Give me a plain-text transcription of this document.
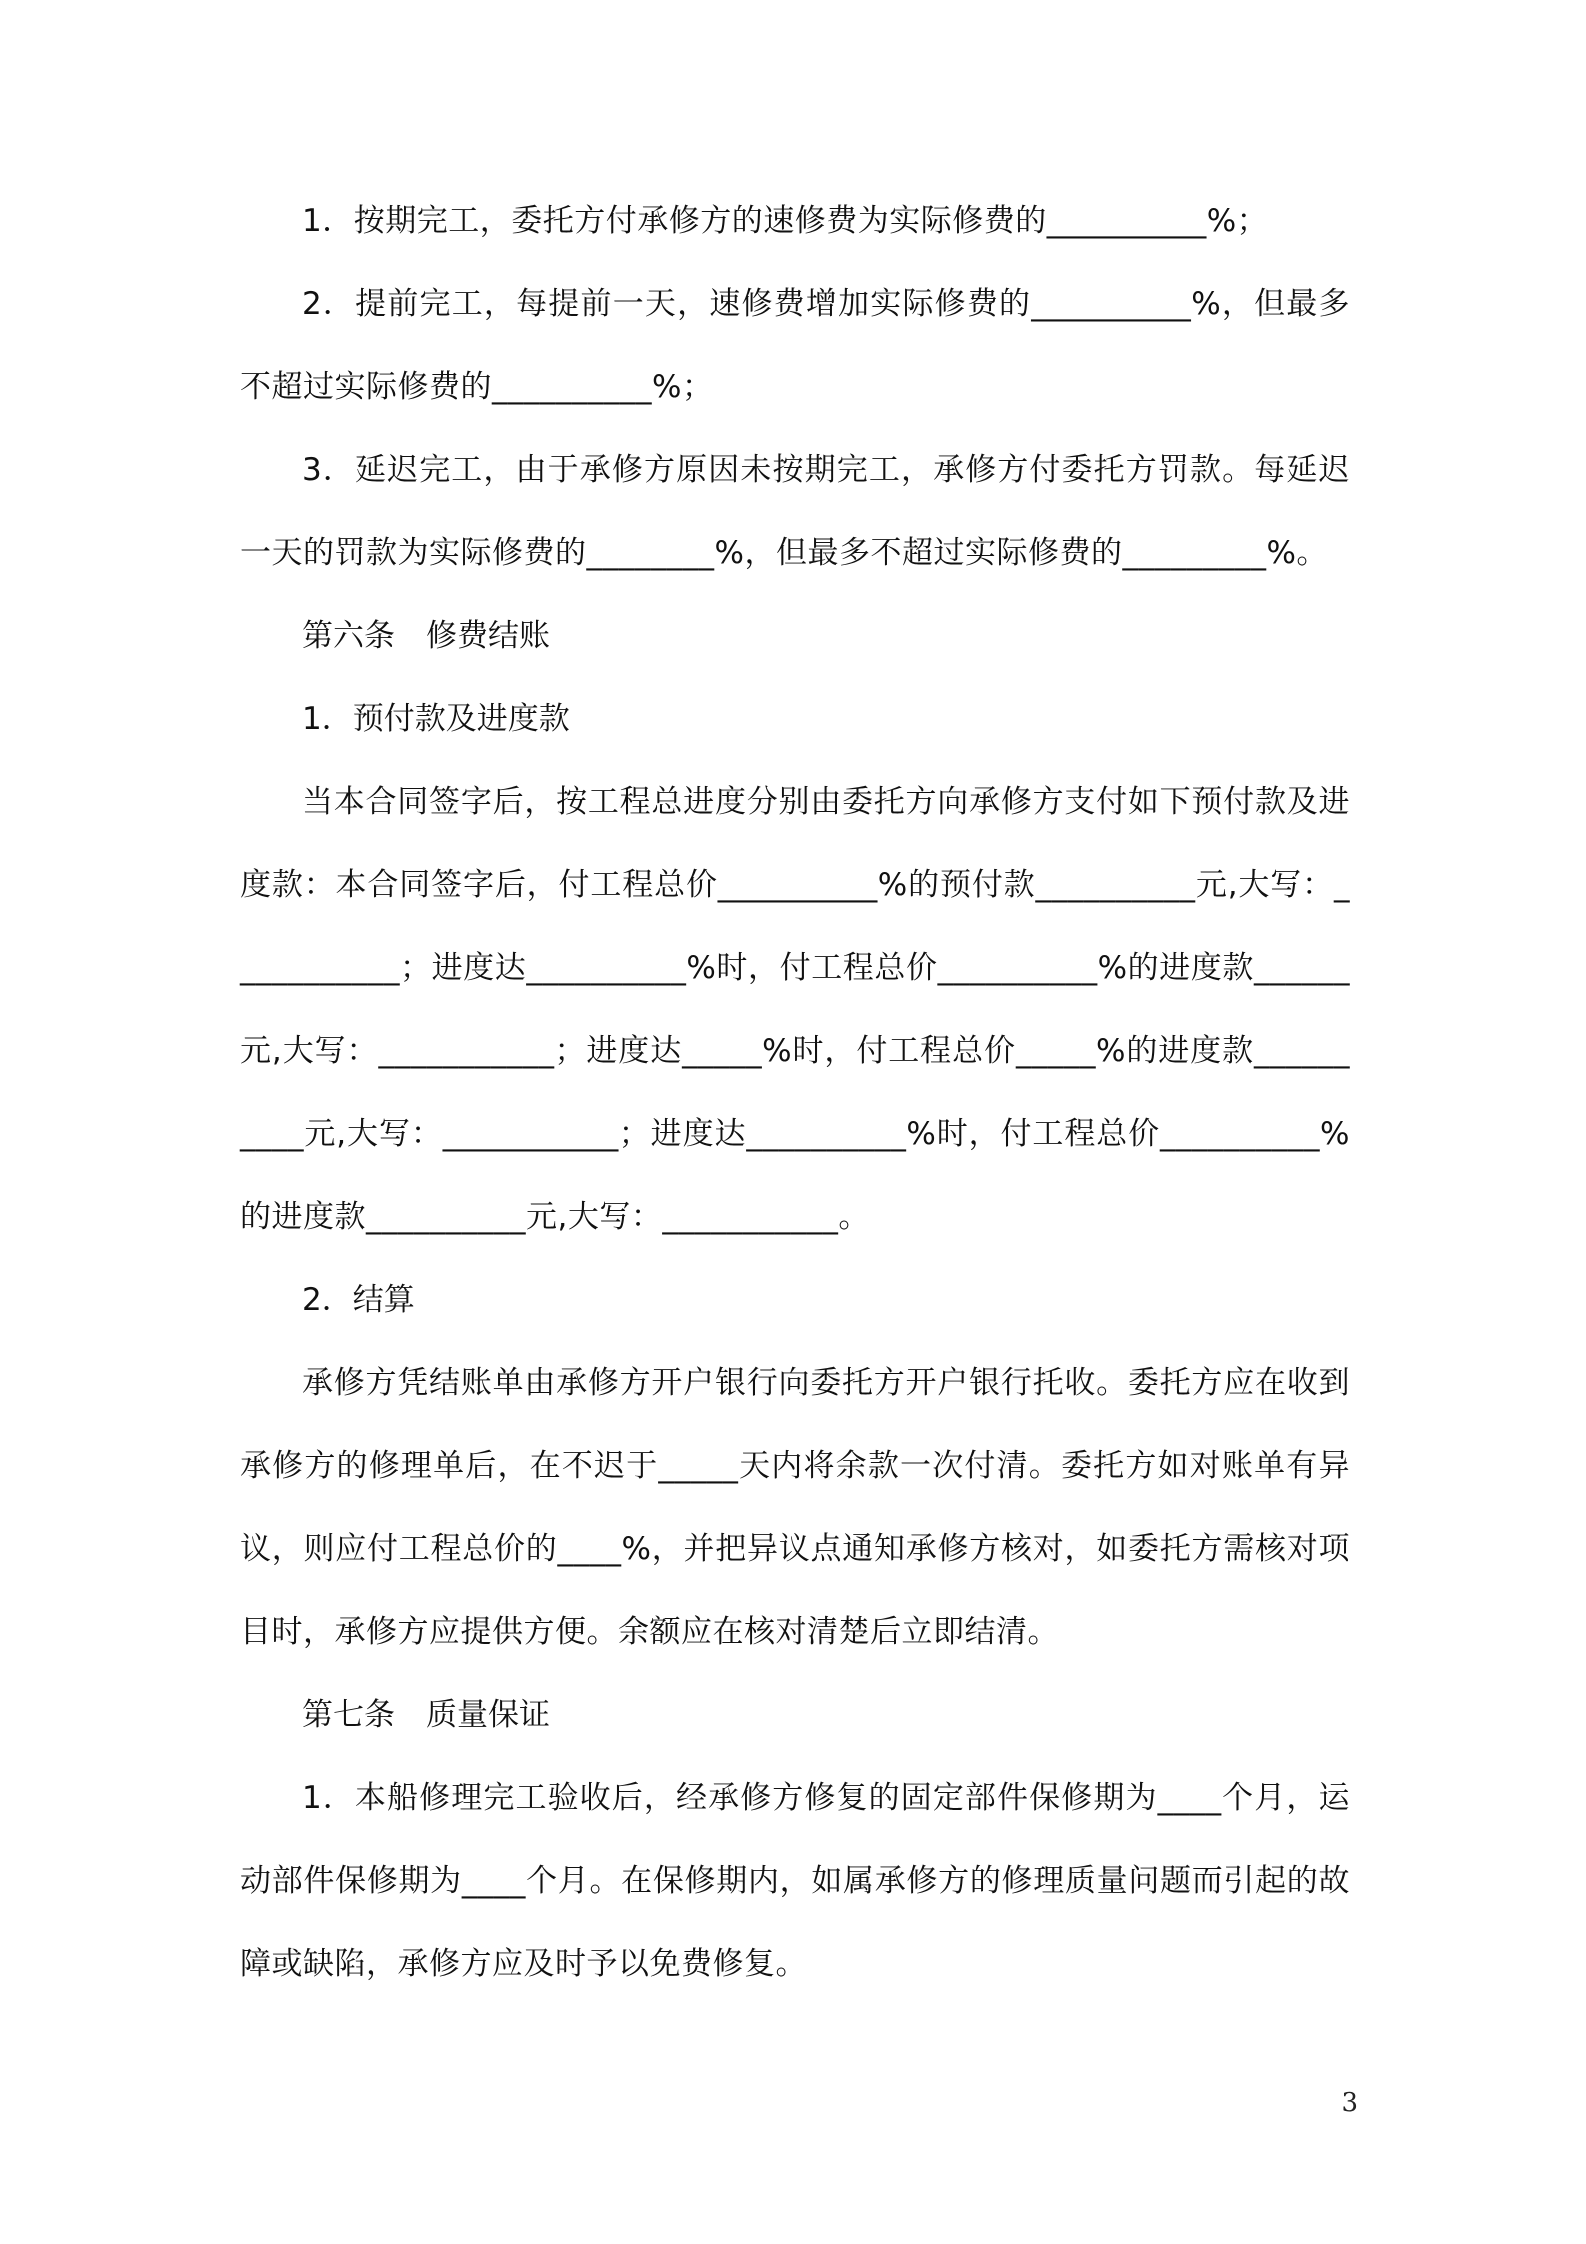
1．按期完工，委托方付承修方的速修费为实际修费的__________%；

2．提前完工，每提前一天，速修费增加实际修费的__________%，但最多不超过实际修费的__________%；

3．延迟完工，由于承修方原因未按期完工，承修方付委托方罚款。每延迟一天的罚款为实际修费的________%，但最多不超过实际修费的_________%。

第六条　修费结账

1．预付款及进度款

当本合同签字后，按工程总进度分别由委托方向承修方支付如下预付款及进度款：本合同签字后，付工程总价__________%的预付款__________元,大写：___________；进度达__________%时，付工程总价__________%的进度款______元,大写：___________；进度达_____%时，付工程总价_____%的进度款__________元,大写：___________；进度达__________%时，付工程总价__________%的进度款__________元,大写：___________。

2．结算

承修方凭结账单由承修方开户银行向委托方开户银行托收。委托方应在收到承修方的修理单后，在不迟于_____天内将余款一次付清。委托方如对账单有异议，则应付工程总价的____%，并把异议点通知承修方核对，如委托方需核对项目时，承修方应提供方便。余额应在核对清楚后立即结清。

第七条　质量保证

1．本船修理完工验收后，经承修方修复的固定部件保修期为____个月，运动部件保修期为____个月。在保修期内，如属承修方的修理质量问题而引起的故障或缺陷，承修方应及时予以免费修复。

3
